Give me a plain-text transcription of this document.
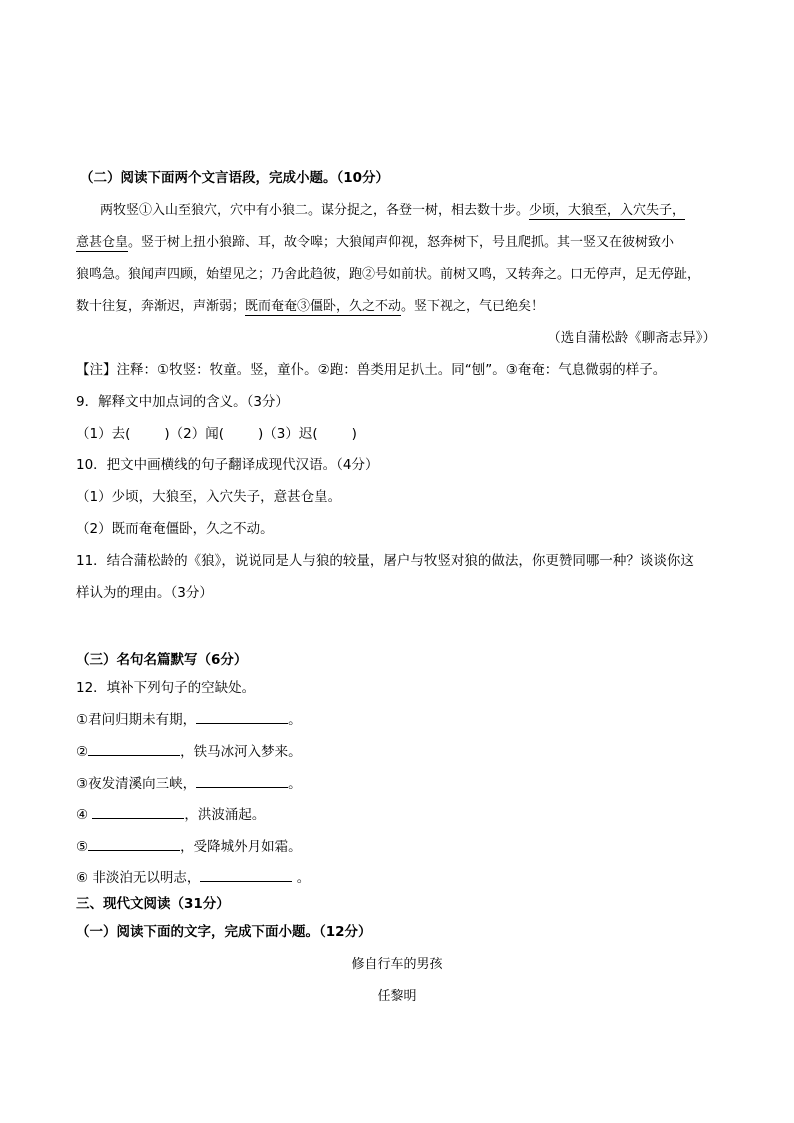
（二）阅读下面两个文言语段，完成小题。（10分）
两牧竖①入山至狼穴，穴中有小狼二。谋分捉之，各登一树，相去数十步。少顷，大狼至，入穴失子，
意甚仓皇。竖于树上扭小狼蹄、耳，故令嗥；大狼闻声仰视，怒奔树下，号且爬抓。其一竖又在彼树致小
狼鸣急。狼闻声四顾，始望见之；乃舍此趋彼，跑②号如前状。前树又鸣，又转奔之。口无停声，足无停趾，
数十往复，奔渐迟，声渐弱；既而奄奄③僵卧，久之不动。竖下视之，气已绝矣！
（选自蒲松龄《聊斋志异》）
【注】注释：①牧竖：牧童。竖，童仆。②跑：兽类用足扒土。同“刨”。③奄奄：气息微弱的样子。
9．解释文中加点词的含义。（3分）
（1）去(	)（2）闻(	)（3）迟(	)
10．把文中画横线的句子翻译成现代汉语。（4分）
（1）少顷，大狼至，入穴失子，意甚仓皇。
（2）既而奄奄僵卧，久之不动。
11．结合蒲松龄的《狼》，说说同是人与狼的较量，屠户与牧竖对狼的做法，你更赞同哪一种？谈谈你这
样认为的理由。（3分）
（三）名句名篇默写（6分）
12．填补下列句子的空缺处。
①君问归期未有期，	。
②	，铁马冰河入梦来。
③夜发清溪向三峡，	。
④	，洪波涌起。
⑤	，受降城外月如霜。
⑥ 非淡泊无以明志，	。
三、现代文阅读（31分）
（一）阅读下面的文字，完成下面小题。（12分）
修自行车的男孩
任黎明
